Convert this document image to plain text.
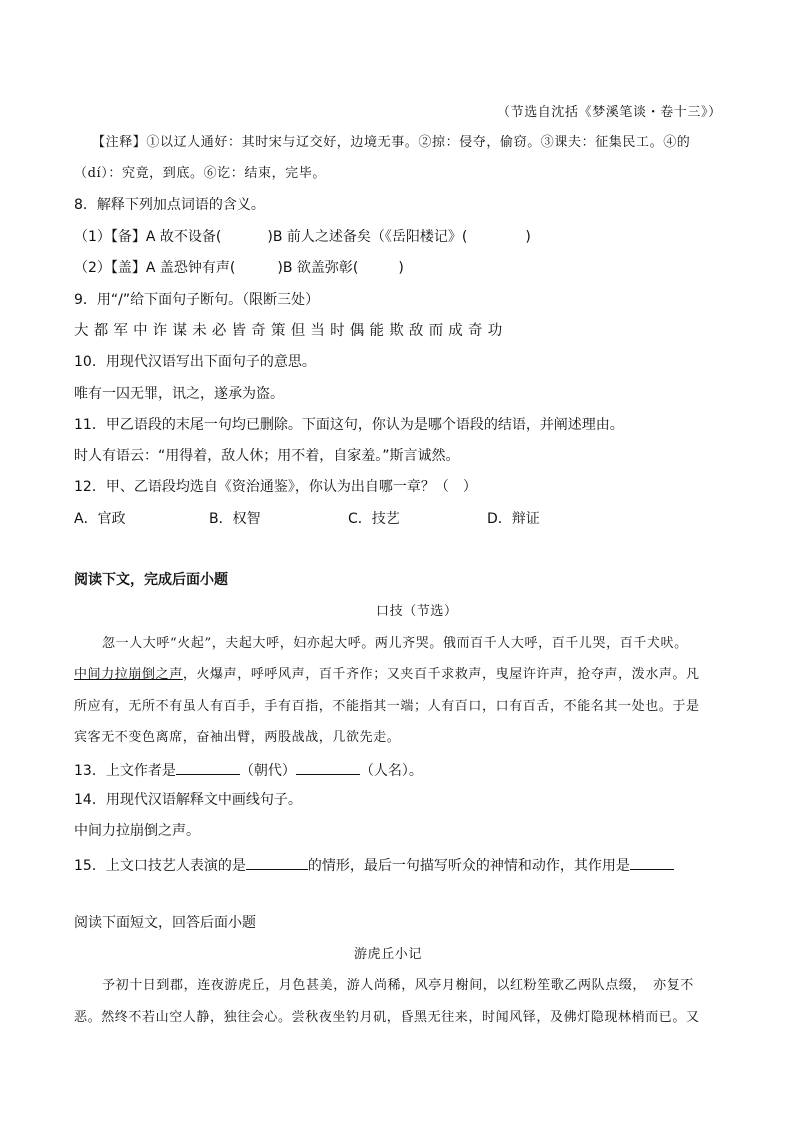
（节选自沈括《梦溪笔谈・卷十三》）
【注释】①以辽人通好：其时宋与辽交好，边境无事。②掠：侵夺，偷窃。③课夫：征集民工。④的
（dí）：究竟，到底。⑥讫：结束，完毕。
8．解释下列加点词语的含义。
（1）【备】A 故不设备(	)B 前人之述备矣（《岳阳楼记》(	)
（2）【盖】A 盖恐钟有声(	)B 欲盖弥彰(	)
9．用“/”给下面句子断句。（限断三处）
大都军中诈谋未必皆奇策但当时偶能欺敌而成奇功
10．用现代汉语写出下面句子的意思。
唯有一囚无罪，讯之，遂承为盗。
11．甲乙语段的末尾一句均已删除。下面这句，你认为是哪个语段的结语，并阐述理由。
时人有语云：“用得着，敌人休；用不着，自家羞。”斯言诚然。
12．甲、乙语段均选自《资治通鉴》，你认为出自哪一章？（　）
A．官政	B．权智	C．技艺	D．辩证
阅读下文，完成后面小题
口技（节选）
忽一人大呼“火起”，夫起大呼，妇亦起大呼。两儿齐哭。俄而百千人大呼，百千儿哭，百千犬吠。
中间力拉崩倒之声，火爆声，呼呼风声，百千齐作；又夹百千求救声，曳屋许许声，抢夺声，泼水声。凡
所应有，无所不有虽人有百手，手有百指，不能指其一端；人有百口，口有百舌，不能名其一处也。于是
宾客无不变色离席，奋袖出臂，两股战战，几欲先走。
13．上文作者是	（朝代）	（人名）。
14．用现代汉语解释文中画线句子。
中间力拉崩倒之声。
15．上文口技艺人表演的是	的情形，最后一句描写听众的神情和动作，其作用是
阅读下面短文，回答后面小题
游虎丘小记
予初十日到郡，连夜游虎丘，月色甚美，游人尚稀，风亭月榭间，以红粉笙歌乙两队点缀，　亦复不
恶。然终不若山空人静，独往会心。尝秋夜坐钓月矶，昏黑无往来，时闻风铎，及佛灯隐现林梢而已。又
